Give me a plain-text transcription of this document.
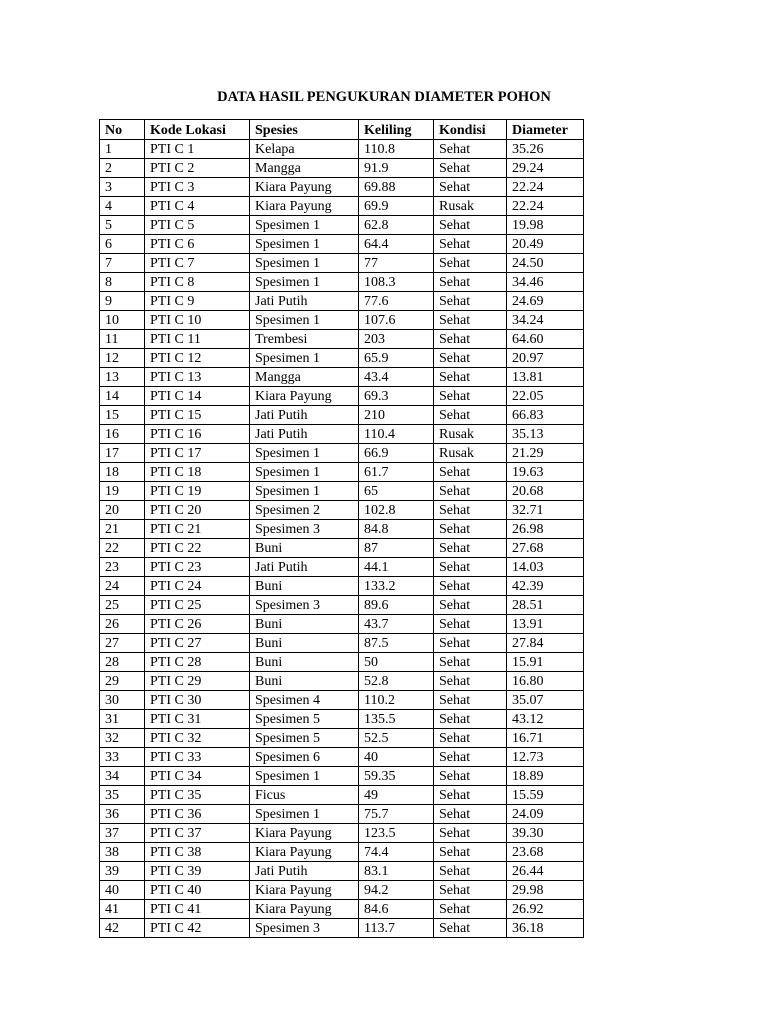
DATA HASIL PENGUKURAN DIAMETER POHON
No	Kode Lokasi	Spesies	Keliling	Kondisi	Diameter
1	PTI C 1	Kelapa	110.8	Sehat	35.26
2	PTI C 2	Mangga	91.9	Sehat	29.24
3	PTI C 3	Kiara Payung	69.88	Sehat	22.24
4	PTI C 4	Kiara Payung	69.9	Rusak	22.24
5	PTI C 5	Spesimen 1	62.8	Sehat	19.98
6	PTI C 6	Spesimen 1	64.4	Sehat	20.49
7	PTI C 7	Spesimen 1	77	Sehat	24.50
8	PTI C 8	Spesimen 1	108.3	Sehat	34.46
9	PTI C 9	Jati Putih	77.6	Sehat	24.69
10	PTI C 10	Spesimen 1	107.6	Sehat	34.24
11	PTI C 11	Trembesi	203	Sehat	64.60
12	PTI C 12	Spesimen 1	65.9	Sehat	20.97
13	PTI C 13	Mangga	43.4	Sehat	13.81
14	PTI C 14	Kiara Payung	69.3	Sehat	22.05
15	PTI C 15	Jati Putih	210	Sehat	66.83
16	PTI C 16	Jati Putih	110.4	Rusak	35.13
17	PTI C 17	Spesimen 1	66.9	Rusak	21.29
18	PTI C 18	Spesimen 1	61.7	Sehat	19.63
19	PTI C 19	Spesimen 1	65	Sehat	20.68
20	PTI C 20	Spesimen 2	102.8	Sehat	32.71
21	PTI C 21	Spesimen 3	84.8	Sehat	26.98
22	PTI C 22	Buni	87	Sehat	27.68
23	PTI C 23	Jati Putih	44.1	Sehat	14.03
24	PTI C 24	Buni	133.2	Sehat	42.39
25	PTI C 25	Spesimen 3	89.6	Sehat	28.51
26	PTI C 26	Buni	43.7	Sehat	13.91
27	PTI C 27	Buni	87.5	Sehat	27.84
28	PTI C 28	Buni	50	Sehat	15.91
29	PTI C 29	Buni	52.8	Sehat	16.80
30	PTI C 30	Spesimen 4	110.2	Sehat	35.07
31	PTI C 31	Spesimen 5	135.5	Sehat	43.12
32	PTI C 32	Spesimen 5	52.5	Sehat	16.71
33	PTI C 33	Spesimen 6	40	Sehat	12.73
34	PTI C 34	Spesimen 1	59.35	Sehat	18.89
35	PTI C 35	Ficus	49	Sehat	15.59
36	PTI C 36	Spesimen 1	75.7	Sehat	24.09
37	PTI C 37	Kiara Payung	123.5	Sehat	39.30
38	PTI C 38	Kiara Payung	74.4	Sehat	23.68
39	PTI C 39	Jati Putih	83.1	Sehat	26.44
40	PTI C 40	Kiara Payung	94.2	Sehat	29.98
41	PTI C 41	Kiara Payung	84.6	Sehat	26.92
42	PTI C 42	Spesimen 3	113.7	Sehat	36.18
